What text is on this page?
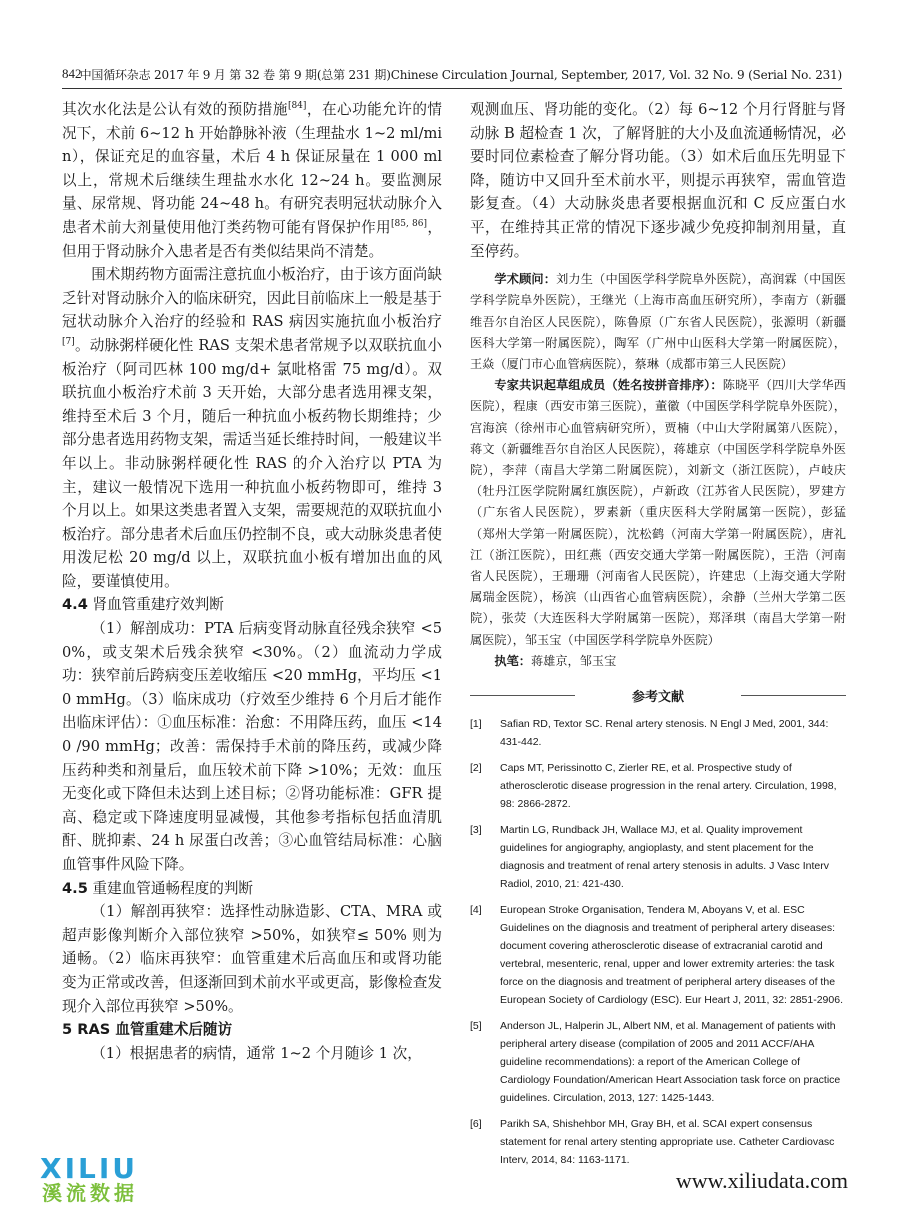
842
中国循环杂志 2017 年 9 月 第 32 卷 第 9 期(总第 231 期)Chinese Circulation Journal, September, 2017, Vol. 32 No. 9 (Serial No. 231)

其次水化法是公认有效的预防措施[84]，在心功能允许的情况下，术前 6~12 h 开始静脉补液（生理盐水 1~2 ml/min），保证充足的血容量，术后 4 h 保证尿量在 1 000 ml 以上，常规术后继续生理盐水水化 12~24 h。要监测尿量、尿常规、肾功能 24~48 h。有研究表明冠状动脉介入患者术前大剂量使用他汀类药物可能有肾保护作用[85, 86]，但用于肾动脉介入患者是否有类似结果尚不清楚。

围术期药物方面需注意抗血小板治疗，由于该方面尚缺乏针对肾动脉介入的临床研究，因此目前临床上一般是基于冠状动脉介入治疗的经验和 RAS 病因实施抗血小板治疗[7]。动脉粥样硬化性 RAS 支架术患者常规予以双联抗血小板治疗（阿司匹林 100 mg/d+ 氯吡格雷 75 mg/d）。双联抗血小板治疗术前 3 天开始，大部分患者选用裸支架，维持至术后 3 个月，随后一种抗血小板药物长期维持；少部分患者选用药物支架，需适当延长维持时间，一般建议半年以上。非动脉粥样硬化性 RAS 的介入治疗以 PTA 为主，建议一般情况下选用一种抗血小板药物即可，维持 3 个月以上。如果这类患者置入支架，需要规范的双联抗血小板治疗。部分患者术后血压仍控制不良，或大动脉炎患者使用泼尼松 20 mg/d 以上，双联抗血小板有增加出血的风险，要谨慎使用。

4.4 肾血管重建疗效判断

（1）解剖成功：PTA 后病变肾动脉直径残余狭窄 <50%，或支架术后残余狭窄 <30%。（2）血流动力学成功：狭窄前后跨病变压差收缩压 <20 mmHg，平均压 <10 mmHg。（3）临床成功（疗效至少维持 6 个月后才能作出临床评估）：①血压标准：治愈：不用降压药，血压 <140 /90 mmHg；改善：需保持手术前的降压药，或减少降压药种类和剂量后，血压较术前下降 >10%；无效：血压无变化或下降但未达到上述目标；②肾功能标准：GFR 提高、稳定或下降速度明显减慢，其他参考指标包括血清肌酐、胱抑素、24 h 尿蛋白改善；③心血管结局标准：心脑血管事件风险下降。

4.5 重建血管通畅程度的判断

（1）解剖再狭窄：选择性动脉造影、CTA、MRA 或超声影像判断介入部位狭窄 >50%，如狭窄≤ 50% 则为通畅。（2）临床再狭窄：血管重建术后高血压和或肾功能变为正常或改善，但逐渐回到术前水平或更高，影像检查发现介入部位再狭窄 >50%。

5 RAS 血管重建术后随访

（1）根据患者的病情，通常 1~2 个月随诊 1 次，

观测血压、肾功能的变化。（2）每 6~12 个月行肾脏与肾动脉 B 超检查 1 次，了解肾脏的大小及血流通畅情况，必要时同位素检查了解分肾功能。（3）如术后血压先明显下降，随访中又回升至术前水平，则提示再狭窄，需血管造影复查。（4）大动脉炎患者要根据血沉和 C 反应蛋白水平，在维持其正常的情况下逐步减少免疫抑制剂用量，直至停药。

学术顾问：刘力生（中国医学科学院阜外医院），高润霖（中国医学科学院阜外医院），王继光（上海市高血压研究所），李南方（新疆维吾尔自治区人民医院），陈鲁原（广东省人民医院），张源明（新疆医科大学第一附属医院），陶军（广州中山医科大学第一附属医院），王焱（厦门市心血管病医院），蔡琳（成都市第三人民医院）

专家共识起草组成员（姓名按拼音排序）：陈晓平（四川大学华西医院），程康（西安市第三医院），董徽（中国医学科学院阜外医院），宫海滨（徐州市心血管病研究所），贾楠（中山大学附属第八医院），蒋文（新疆维吾尔自治区人民医院），蒋雄京（中国医学科学院阜外医院），李萍（南昌大学第二附属医院），刘新文（浙江医院），卢岐庆（牡丹江医学院附属红旗医院），卢新政（江苏省人民医院），罗建方（广东省人民医院），罗素新（重庆医科大学附属第一医院），彭猛（郑州大学第一附属医院），沈松鹤（河南大学第一附属医院），唐礼江（浙江医院），田红燕（西安交通大学第一附属医院），王浩（河南省人民医院），王珊珊（河南省人民医院），许建忠（上海交通大学附属瑞金医院），杨滨（山西省心血管病医院），余静（兰州大学第二医院），张荧（大连医科大学附属第一医院），郑泽琪（南昌大学第一附属医院），邹玉宝（中国医学科学院阜外医院）

执笔：蒋雄京，邹玉宝

参考文献
[1]	Safian RD, Textor SC. Renal artery stenosis. N Engl J Med, 2001, 344: 431-442.
[2]	Caps MT, Perissinotto C, Zierler RE, et al. Prospective study of atherosclerotic disease progression in the renal artery. Circulation, 1998, 98: 2866-2872.
[3]	Martin LG, Rundback JH, Wallace MJ, et al. Quality improvement guidelines for angiography, angioplasty, and stent placement for the diagnosis and treatment of renal artery stenosis in adults. J Vasc Interv Radiol, 2010, 21: 421-430.
[4]	European Stroke Organisation, Tendera M, Aboyans V, et al. ESC Guidelines on the diagnosis and treatment of peripheral artery diseases: document covering atherosclerotic disease of extracranial carotid and vertebral, mesenteric, renal, upper and lower extremity arteries: the task force on the diagnosis and treatment of peripheral artery diseases of the European Society of Cardiology (ESC). Eur Heart J, 2011, 32: 2851-2906.
[5]	Anderson JL, Halperin JL, Albert NM, et al. Management of patients with peripheral artery disease (compilation of 2005 and 2011 ACCF/AHA guideline recommendations): a report of the American College of Cardiology Foundation/American Heart Association task force on practice guidelines. Circulation, 2013, 127: 1425-1443.
[6]	Parikh SA, Shishehbor MH, Gray BH, et al. SCAI expert consensus statement for renal artery stenting appropriate use. Catheter Cardiovasc Interv, 2014, 84: 1163-1171.
XILIU
溪流数据	www.xiliudata.com
